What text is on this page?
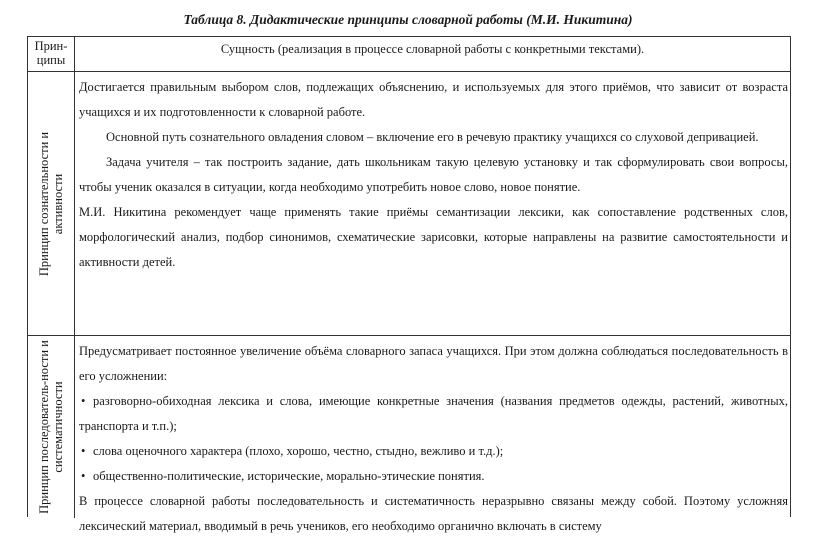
Таблица 8. Дидактические принципы словарной работы (М.И. Никитина)
Прин-
ципы
Сущность (реализация в процессе словарной работы с конкретными текстами).
Принцип сознательности и активности

Достигается правильным выбором слов, подлежащих объяснению, и используемых для этого приёмов, что зависит от возраста учащихся и их подготовленности к словарной работе.

Основной путь сознательного овладения словом – включение его в речевую практику учащихся со слуховой депривацией.

Задача учителя – так построить задание, дать школьникам такую целевую установку и так сформулировать свои вопросы, чтобы ученик оказался в ситуации, когда необходимо употребить новое слово, новое понятие.

М.И. Никитина рекомендует чаще применять такие приёмы семантизации лексики, как сопоставление родственных слов, морфологический анализ, подбор синонимов, схематические зарисовки, которые направлены на развитие самостоятельности и активности детей.

Принцип последователь-ности и систематичности

Предусматривает постоянное увеличение объёма словарного запаса учащихся. При этом должна соблюдаться последовательность в его усложнении:

• разговорно-обиходная лексика и слова, имеющие конкретные значения (названия предметов одежды, растений, животных, транспорта и т.п.);

• слова оценочного характера (плохо, хорошо, честно, стыдно, вежливо и т.д.);

• общественно-политические, исторические, морально-этические понятия.

В процессе словарной работы последовательность и систематичность неразрывно связаны между собой. Поэтому усложняя лексический материал, вводимый в речь учеников, его необходимо органично включать в систему
